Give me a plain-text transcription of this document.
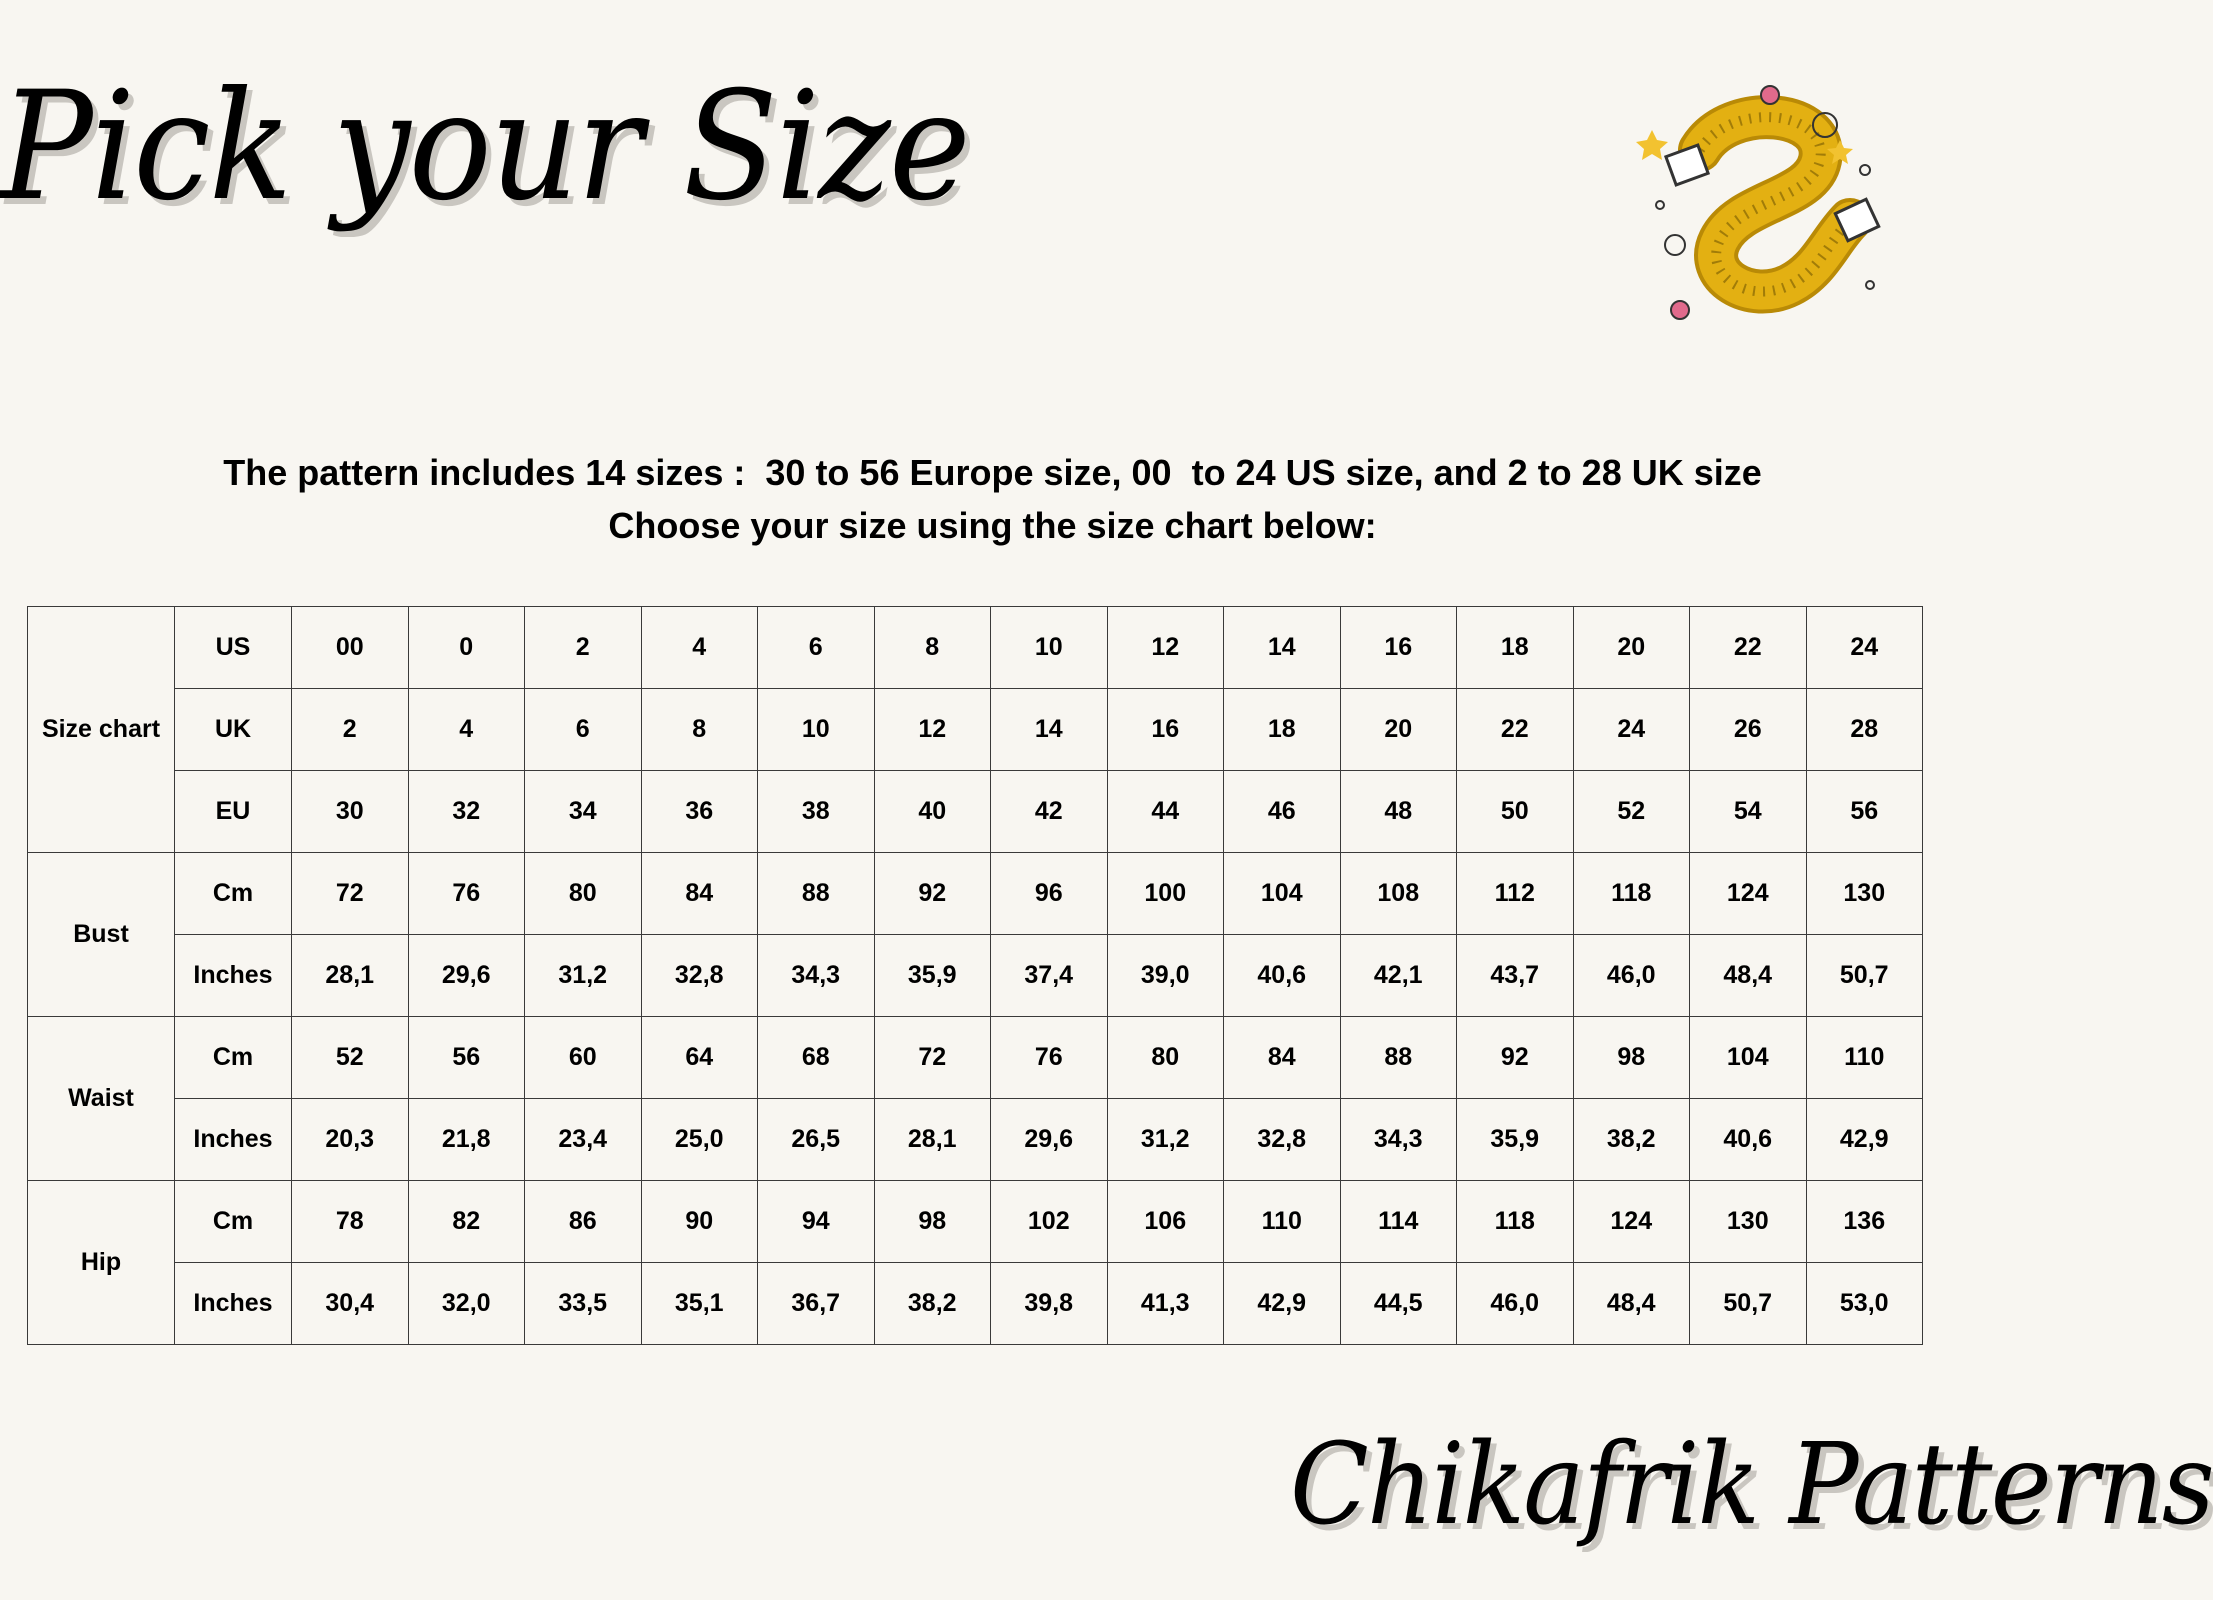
Pick your Size
The pattern includes 14 sizes :  30 to 56 Europe size, 00  to 24 US size, and 2 to 28 UK size
Choose your size using the size chart below:
Size chart	US	00	0	2	4	6	8	10	12	14	16	18	20	22	24
	UK	2	4	6	8	10	12	14	16	18	20	22	24	26	28
	EU	30	32	34	36	38	40	42	44	46	48	50	52	54	56
Bust	Cm	72	76	80	84	88	92	96	100	104	108	112	118	124	130
	Inches	28,1	29,6	31,2	32,8	34,3	35,9	37,4	39,0	40,6	42,1	43,7	46,0	48,4	50,7
Waist	Cm	52	56	60	64	68	72	76	80	84	88	92	98	104	110
	Inches	20,3	21,8	23,4	25,0	26,5	28,1	29,6	31,2	32,8	34,3	35,9	38,2	40,6	42,9
Hip	Cm	78	82	86	90	94	98	102	106	110	114	118	124	130	136
	Inches	30,4	32,0	33,5	35,1	36,7	38,2	39,8	41,3	42,9	44,5	46,0	48,4	50,7	53,0
Chikafrik Patterns
